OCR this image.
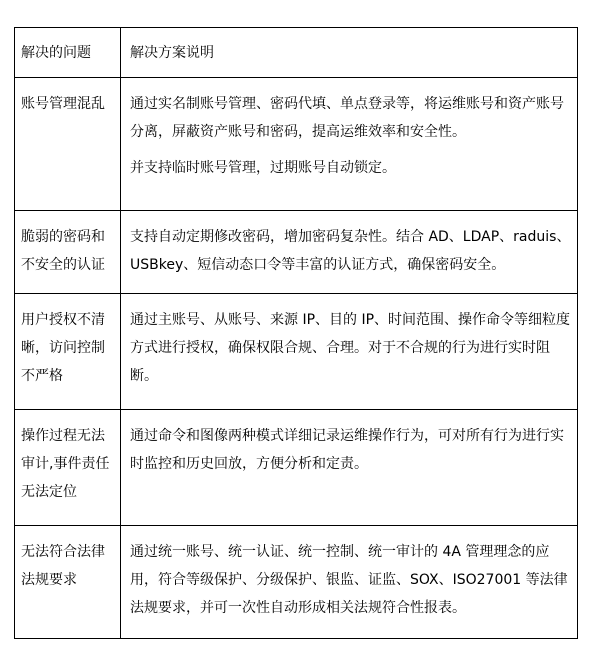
解决的问题	解决方案说明
账号管理混乱	通过实名制账号管理、密码代填、单点登录等，将运维账号和资产账号分离，屏蔽资产账号和密码，提高运维效率和安全性。

并支持临时账号管理，过期账号自动锁定。

脆弱的密码和不安全的认证	支持自动定期修改密码，增加密码复杂性。结合 AD、LDAP、raduis、USBkey、短信动态口令等丰富的认证方式，确保密码安全。

用户授权不清晰，访问控制不严格	通过主账号、从账号、来源 IP、目的 IP、时间范围、操作命令等细粒度方式进行授权，确保权限合规、合理。对于不合规的行为进行实时阻断。

操作过程无法审计,事件责任无法定位	通过命令和图像两种模式详细记录运维操作行为，可对所有行为进行实时监控和历史回放，方便分析和定责。

无法符合法律法规要求	通过统一账号、统一认证、统一控制、统一审计的 4A 管理理念的应用，符合等级保护、分级保护、银监、证监、SOX、ISO27001 等法律法规要求，并可一次性自动形成相关法规符合性报表。
